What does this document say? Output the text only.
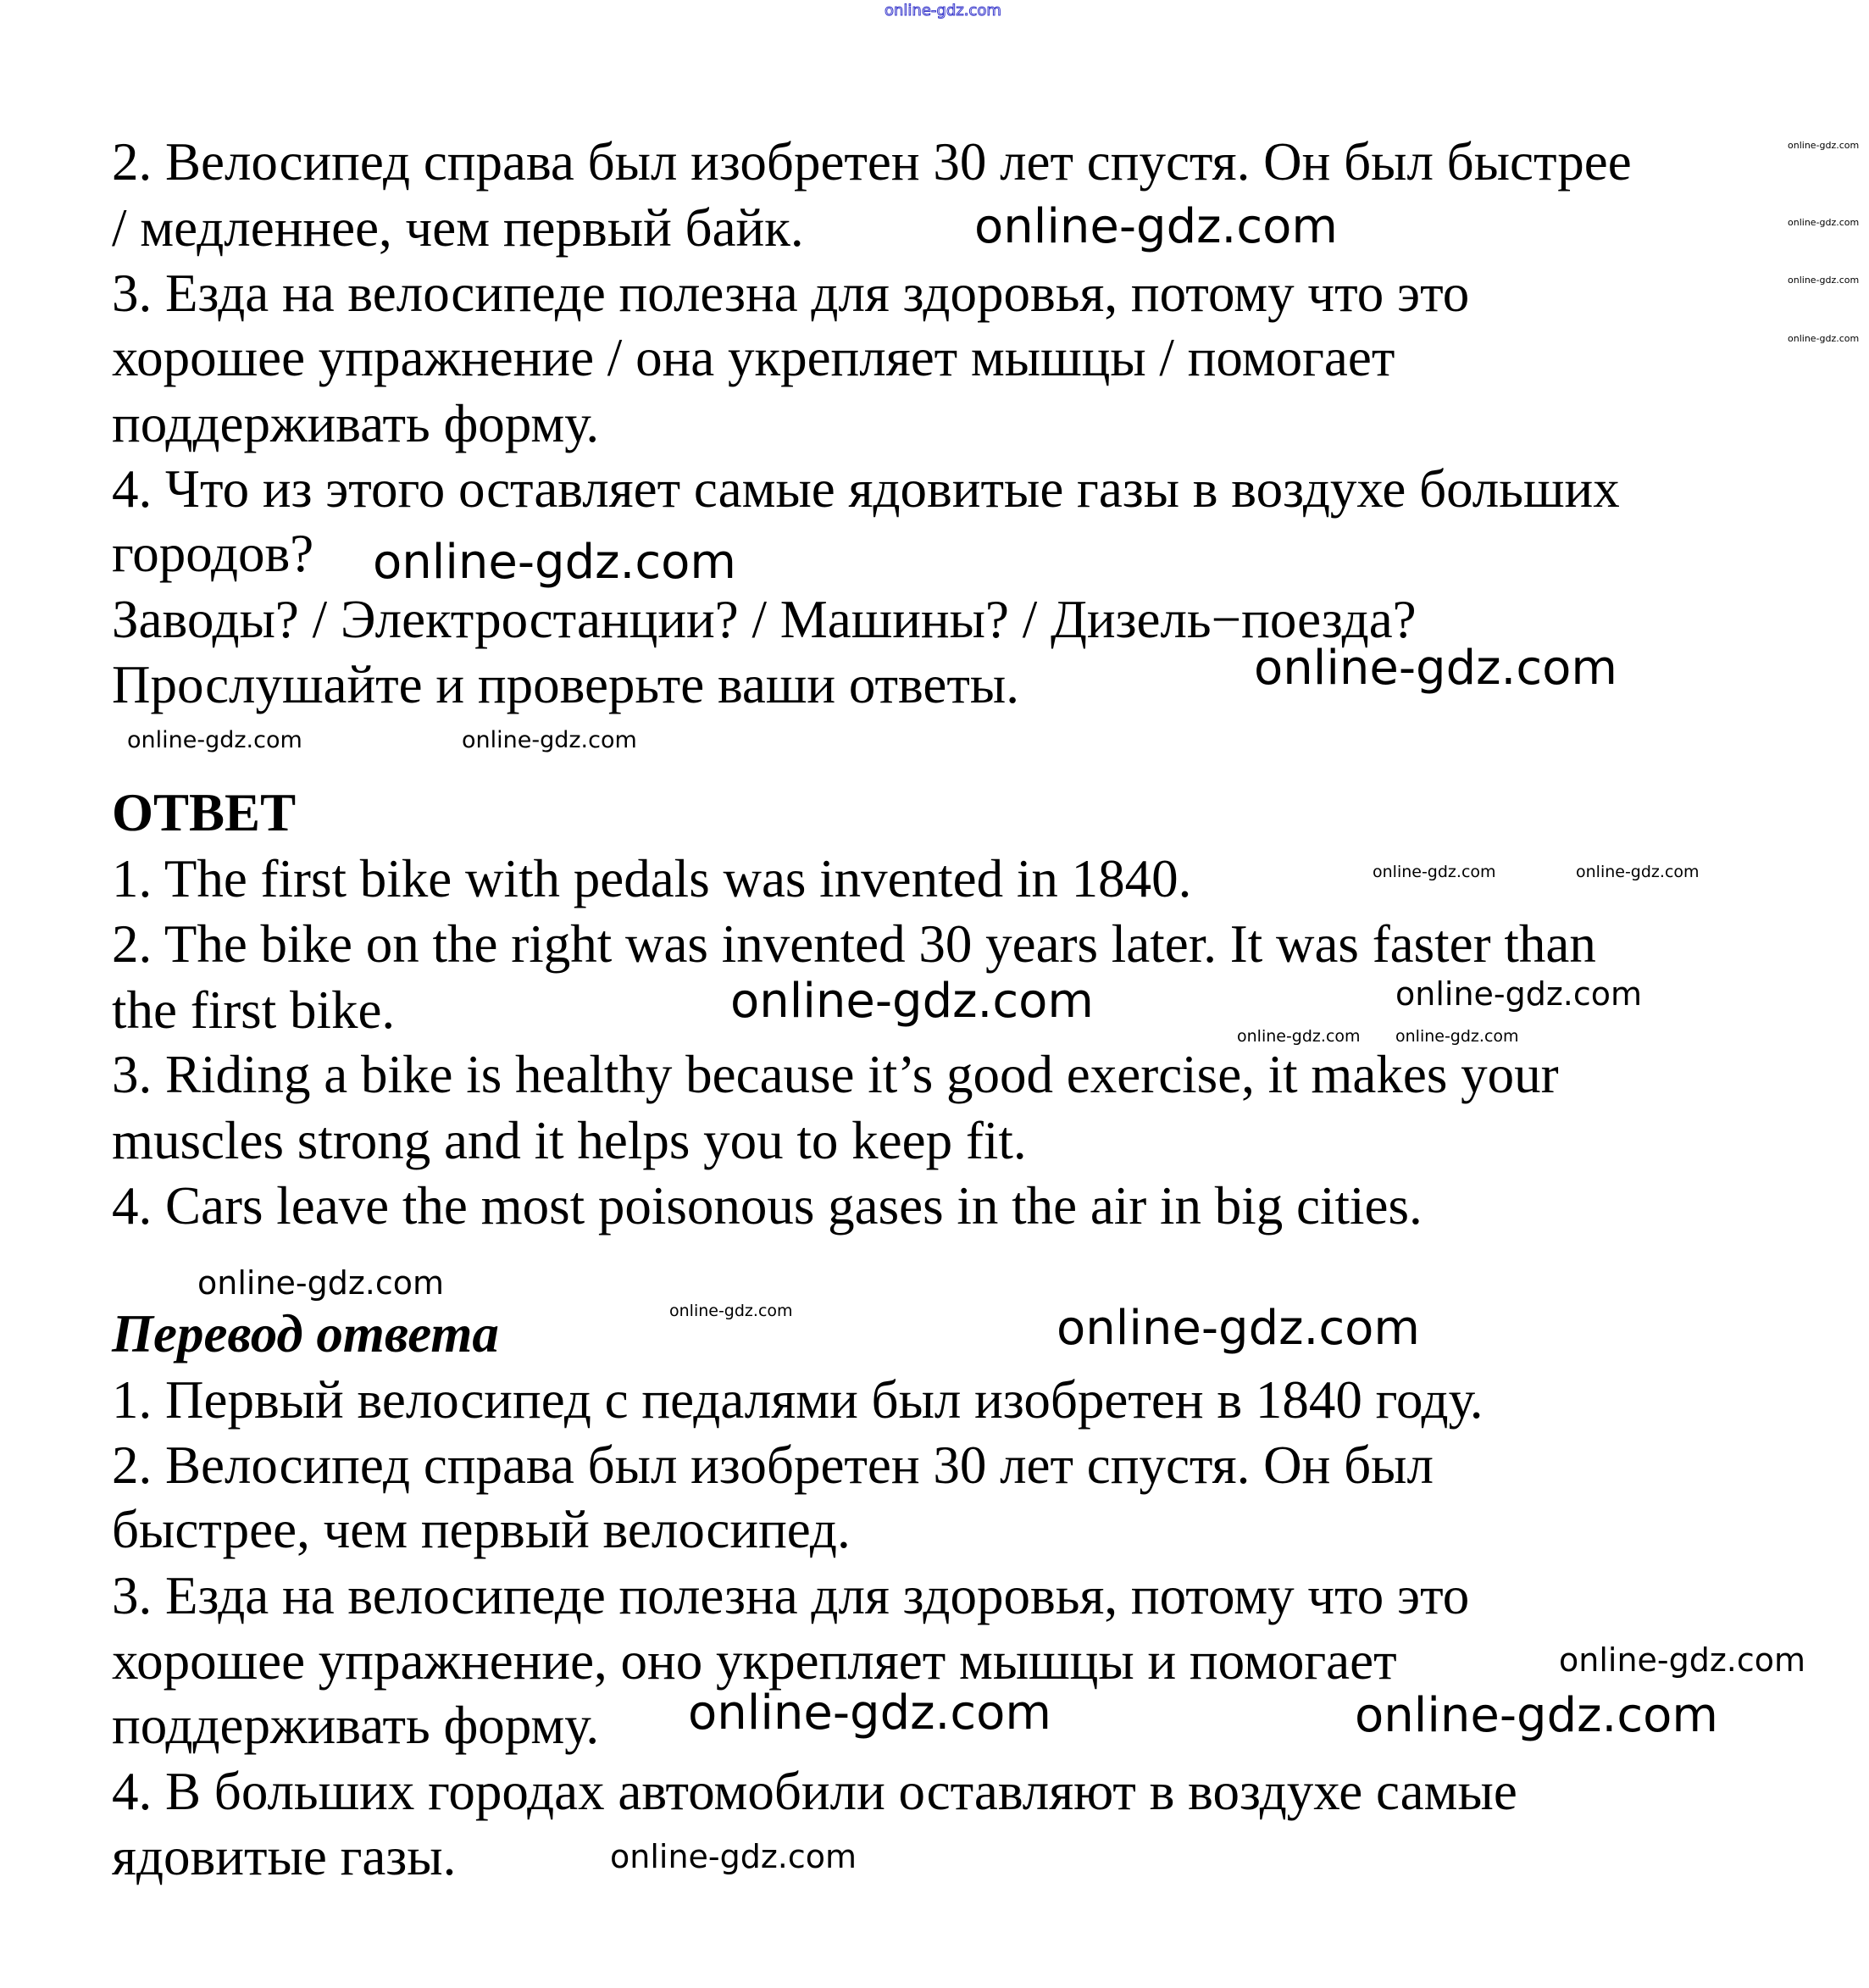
2. Велосипед справа был изобретен 30 лет спустя. Он был быстрее
/ медленнее, чем первый байк.
3. Езда на велосипеде полезна для здоровья, потому что это
хорошее упражнение / она укрепляет мышцы / помогает
поддерживать форму.
4. Что из этого оставляет самые ядовитые газы в воздухе больших
городов?
Заводы? / Электростанции? / Машины? / Дизель−поезда?
Прослушайте и проверьте ваши ответы.
ОТВЕТ
1. The first bike with pedals was invented in 1840.
2. The bike on the right was invented 30 years later. It was faster than
the first bike.
3. Riding a bike is healthy because it’s good exercise, it makes your
muscles strong and it helps you to keep fit.
4. Cars leave the most poisonous gases in the air in big cities.
Перевод ответа
1. Первый велосипед с педалями был изобретен в 1840 году.
2. Велосипед справа был изобретен 30 лет спустя. Он был
быстрее, чем первый велосипед.
3. Езда на велосипеде полезна для здоровья, потому что это
хорошее упражнение, оно укрепляет мышцы и помогает
поддерживать форму.
4. В больших городах автомобили оставляют в воздухе самые
ядовитые газы.
online-gdz.com
online-gdz.com	online-gdz.com
online-gdz.com
online-gdz.com
online-gdz.com
online-gdz.com
online-gdz.com
online-gdz.com
online-gdz.com
online-gdz.com	online-gdz.com
online-gdz.com	online-gdz.com
online-gdz.com online-gdz.com
online-gdz.com
online-gdz.com	online-gdz.com
online-gdz.com
online-gdz.com	online-gdz.com
online-gdz.com
